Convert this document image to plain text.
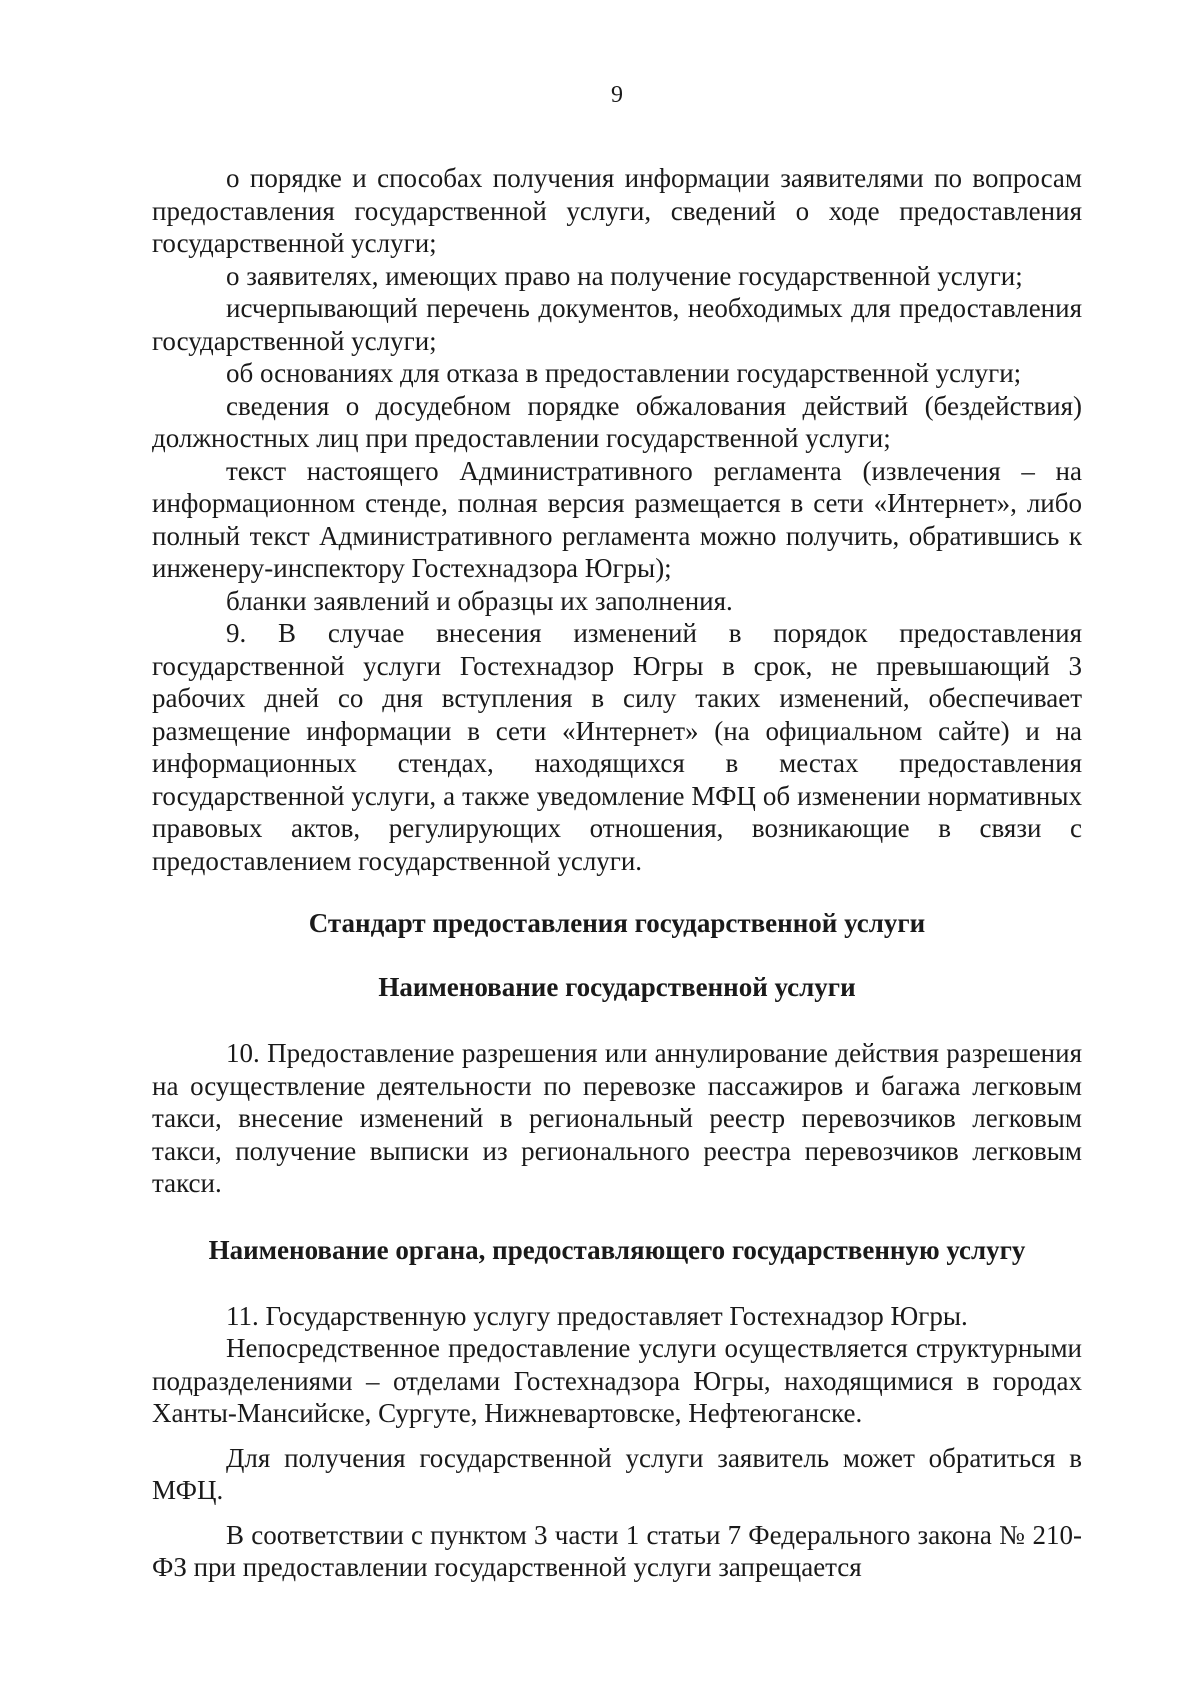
9

о порядке и способах получения информации заявителями по вопросам предоставления государственной услуги, сведений о ходе предоставления государственной услуги;

о заявителях, имеющих право на получение государственной услуги;

исчерпывающий перечень документов, необходимых для предоставления государственной услуги;

об основаниях для отказа в предоставлении государственной услуги;

сведения о досудебном порядке обжалования действий (бездействия) должностных лиц при предоставлении государственной услуги;

текст настоящего Административного регламента (извлечения – на информационном стенде, полная версия размещается в сети «Интернет», либо полный текст Административного регламента можно получить, обратившись к инженеру-инспектору Гостехнадзора Югры);

бланки заявлений и образцы их заполнения.

9. В случае внесения изменений в порядок предоставления государственной услуги Гостехнадзор Югры в срок, не превышающий 3 рабочих дней со дня вступления в силу таких изменений, обеспечивает размещение информации в сети «Интернет» (на официальном сайте) и на информационных стендах, находящихся в местах предоставления государственной услуги, а также уведомление МФЦ об изменении нормативных правовых актов, регулирующих отношения, возникающие в связи с предоставлением государственной услуги.

Стандарт предоставления государственной услуги
Наименование государственной услуги

10. Предоставление разрешения или аннулирование действия разрешения на осуществление деятельности по перевозке пассажиров и багажа легковым такси, внесение изменений в региональный реестр перевозчиков легковым такси, получение выписки из регионального реестра перевозчиков легковым такси.

Наименование органа, предоставляющего государственную услугу

11. Государственную услугу предоставляет Гостехнадзор Югры.

Непосредственное предоставление услуги осуществляется структурными подразделениями – отделами Гостехнадзора Югры, находящимися в городах Ханты-Мансийске, Сургуте, Нижневартовске, Нефтеюганске.

Для получения государственной услуги заявитель может обратиться в МФЦ.

В соответствии с пунктом 3 части 1 статьи 7 Федерального закона № 210-ФЗ при предоставлении государственной услуги запрещается
